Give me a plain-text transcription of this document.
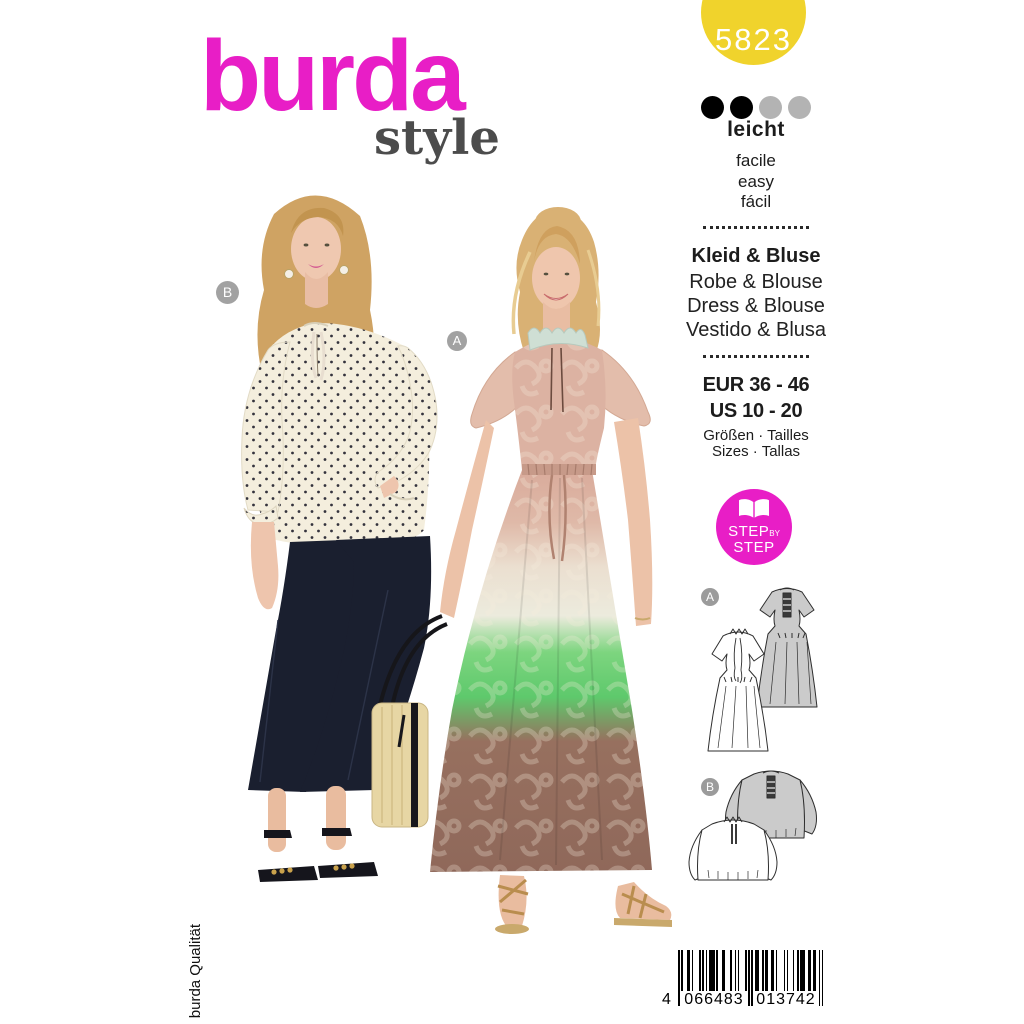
burda
style
5823
leicht
facile
easy
fácil
Kleid & Bluse
Robe & Blouse
Dress & Blouse
Vestido & Blusa
EUR 36 - 46
US 10 - 20
Größen · Tailles
Sizes · Tallas
STEPBY
STEP
A
B
B
A
burda Qualität	4 066483 013742
